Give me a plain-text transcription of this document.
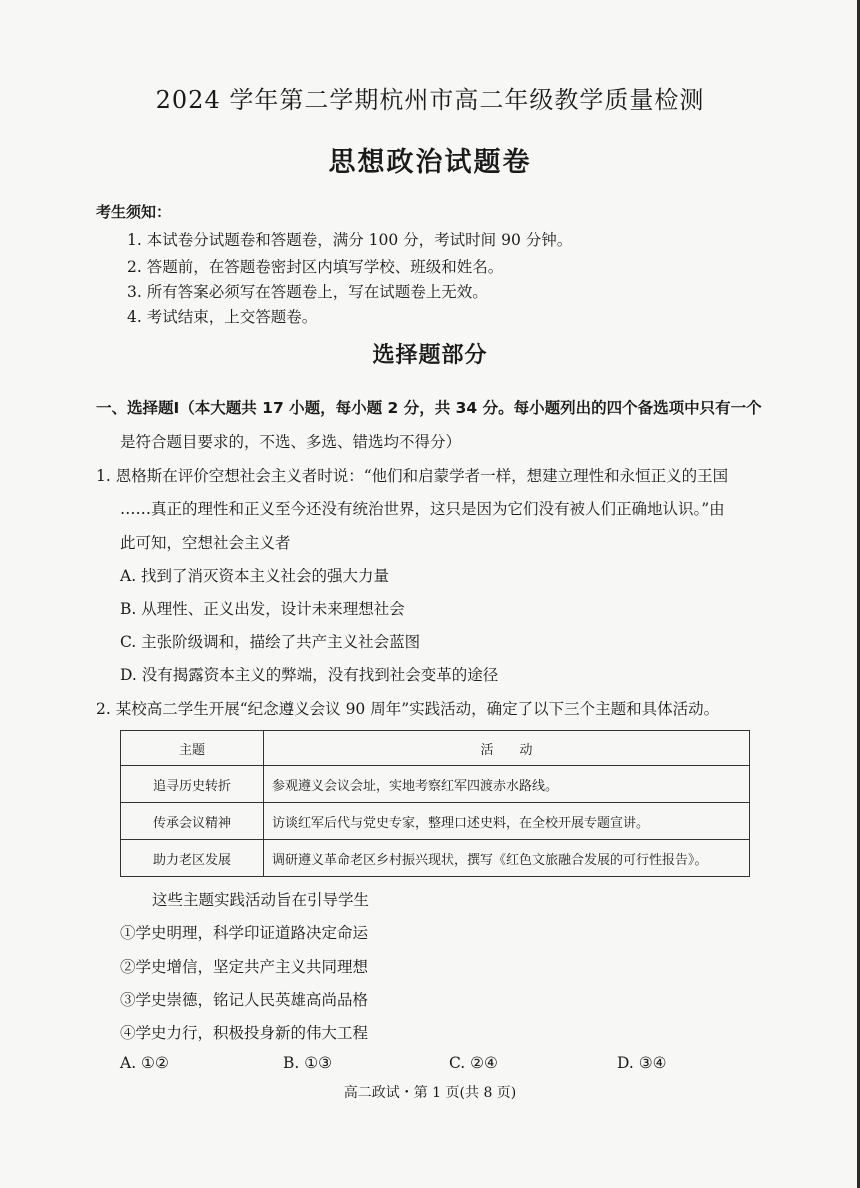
2024 学年第二学期杭州市高二年级教学质量检测
思想政治试题卷
考生须知：
1. 本试卷分试题卷和答题卷，满分 100 分，考试时间 90 分钟。
2. 答题前，在答题卷密封区内填写学校、班级和姓名。
3. 所有答案必须写在答题卷上，写在试题卷上无效。
4. 考试结束，上交答题卷。
选择题部分
一、选择题Ⅰ（本大题共 17 小题，每小题 2 分，共 34 分。每小题列出的四个备选项中只有一个
是符合题目要求的，不选、多选、错选均不得分）
1. 恩格斯在评价空想社会主义者时说：“他们和启蒙学者一样，想建立理性和永恒正义的王国
……真正的理性和正义至今还没有统治世界，这只是因为它们没有被人们正确地认识。”由
此可知，空想社会主义者
A. 找到了消灭资本主义社会的强大力量
B. 从理性、正义出发，设计未来理想社会
C. 主张阶级调和，描绘了共产主义社会蓝图
D. 没有揭露资本主义的弊端，没有找到社会变革的途径
2. 某校高二学生开展“纪念遵义会议 90 周年”实践活动，确定了以下三个主题和具体活动。
主题	活　　动
追寻历史转折	参观遵义会议会址，实地考察红军四渡赤水路线。
传承会议精神	访谈红军后代与党史专家，整理口述史料，在全校开展专题宣讲。
助力老区发展	调研遵义革命老区乡村振兴现状，撰写《红色文旅融合发展的可行性报告》。
这些主题实践活动旨在引导学生
①学史明理，科学印证道路决定命运
②学史增信，坚定共产主义共同理想
③学史崇德，铭记人民英雄高尚品格
④学史力行，积极投身新的伟大工程
A. ①②	B. ①③	C. ②④	D. ③④
高二政试・第 1 页(共 8 页)
